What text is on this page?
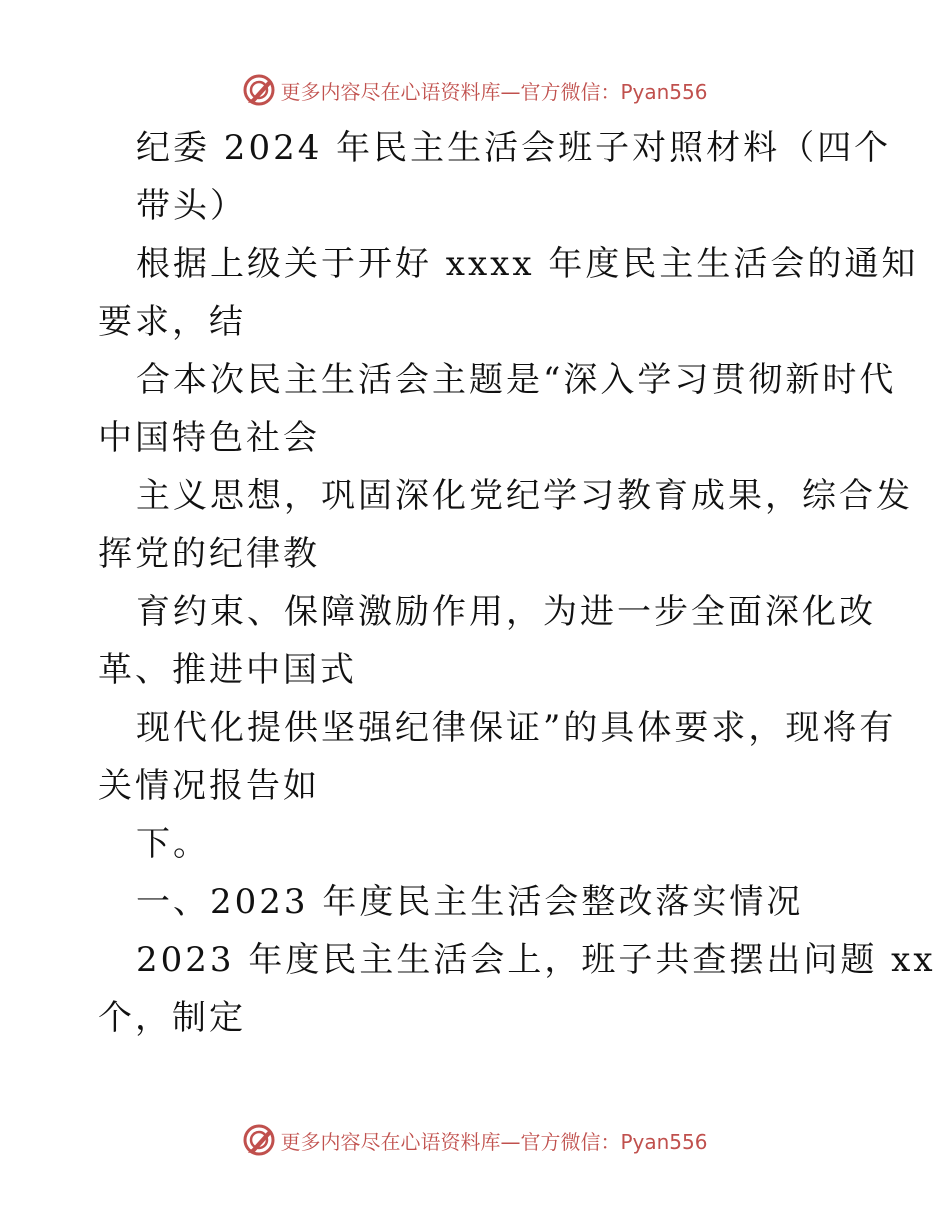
更多内容尽在心语资料库—官方微信：Pyan556
纪委 2024 年民主生活会班子对照材料（四个
带头）
根据上级关于开好 xxxx 年度民主生活会的通知
要求，结
合本次民主生活会主题是“深入学习贯彻新时代
中国特色社会
主义思想，巩固深化党纪学习教育成果，综合发
挥党的纪律教
育约束、保障激励作用，为进一步全面深化改
革、推进中国式
现代化提供坚强纪律保证”的具体要求，现将有
关情况报告如
下。
一、2023 年度民主生活会整改落实情况
2023 年度民主生活会上，班子共查摆出问题 xx
个，制定
更多内容尽在心语资料库—官方微信：Pyan556
